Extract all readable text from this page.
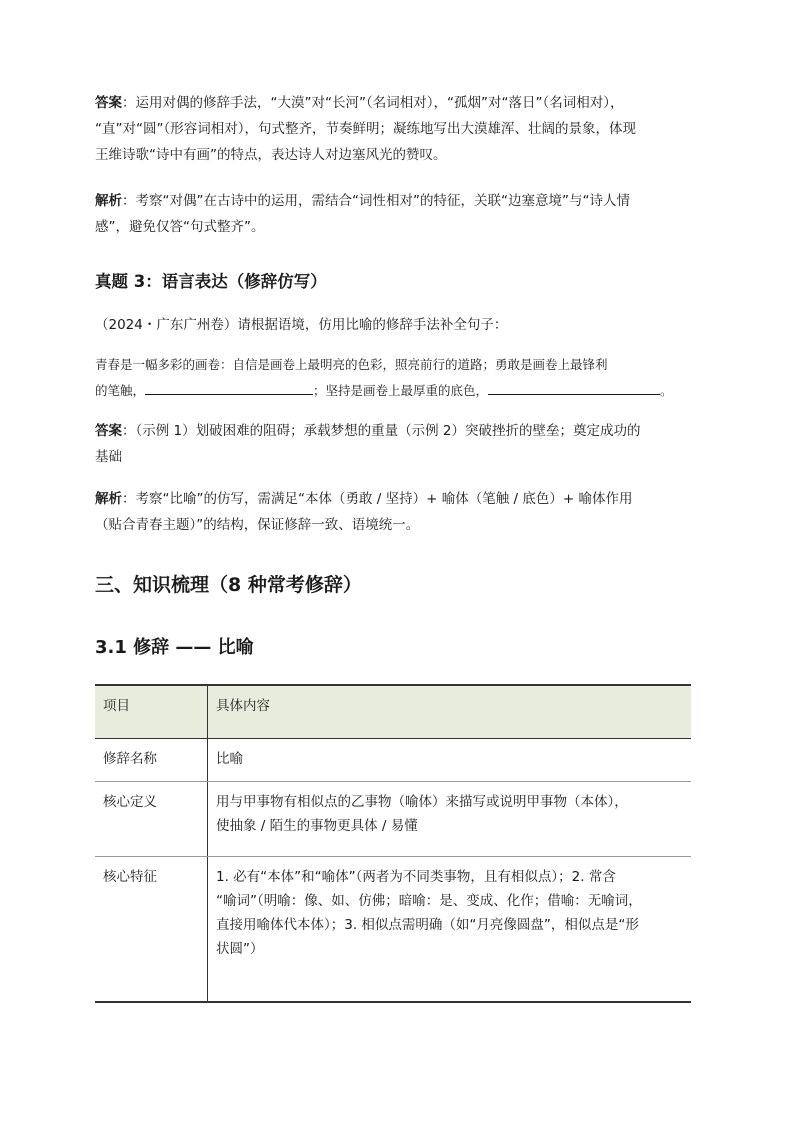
答案：运用对偶的修辞手法，“大漠”对“长河”（名词相对），“孤烟”对“落日”（名词相对），
“直”对“圆”（形容词相对），句式整齐，节奏鲜明；凝练地写出大漠雄浑、壮阔的景象，体现
王维诗歌“诗中有画”的特点，表达诗人对边塞风光的赞叹。
解析：考察“对偶”在古诗中的运用，需结合“词性相对”的特征，关联“边塞意境”与“诗人情
感”，避免仅答“句式整齐”。
真题 3：语言表达（修辞仿写）
（2024・广东广州卷）请根据语境，仿用比喻的修辞手法补全句子：
青春是一幅多彩的画卷：自信是画卷上最明亮的色彩，照亮前行的道路；勇敢是画卷上最锋利
的笔触，	；坚持是画卷上最厚重的底色，	。
答案：（示例 1）划破困难的阻碍；承载梦想的重量（示例 2）突破挫折的壁垒；奠定成功的
基础
解析：考察“比喻”的仿写，需满足“本体（勇敢 / 坚持）+ 喻体（笔触 / 底色）+ 喻体作用
（贴合青春主题）”的结构，保证修辞一致、语境统一。
三、知识梳理（8 种常考修辞）
3.1 修辞 —— 比喻
项目	具体内容
修辞名称	比喻

核心定义	用与甲事物有相似点的乙事物（喻体）来描写或说明甲事物（本体），
使抽象 / 陌生的事物更具体 / 易懂

核心特征	1. 必有“本体”和“喻体”（两者为不同类事物，且有相似点）；2. 常含
“喻词”（明喻：像、如、仿佛；暗喻：是、变成、化作；借喻：无喻词，
直接用喻体代本体）；3. 相似点需明确（如“月亮像圆盘”，相似点是“形
状圆”）
